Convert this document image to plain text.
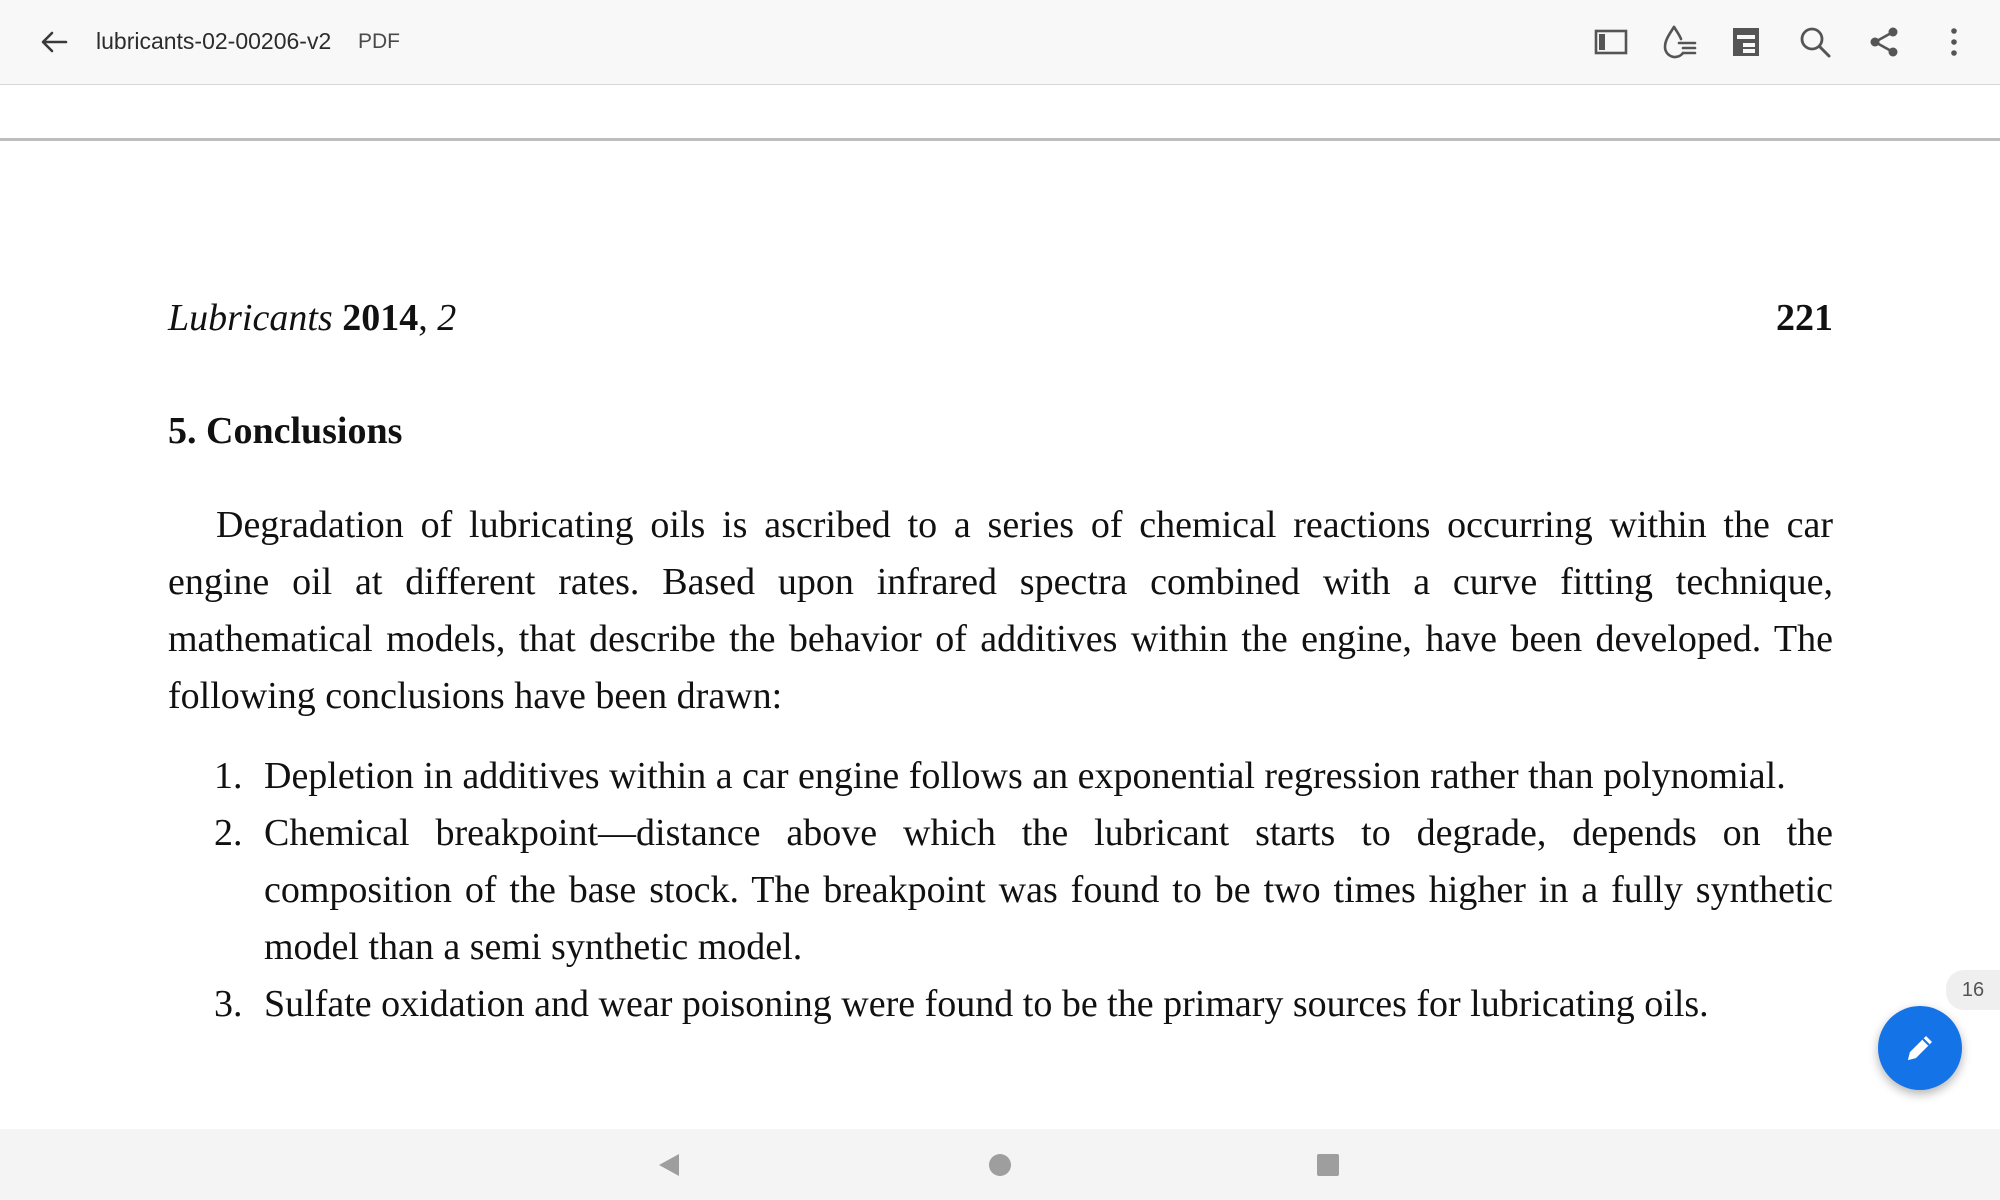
lubricants-02-00206-v2 PDF
Lubricants 2014, 2	221
5. Conclusions

Degradation of lubricating oils is ascribed to a series of chemical reactions occurring within the car engine oil at different rates. Based upon infrared spectra combined with a curve fitting technique, mathematical models, that describe the behavior of additives within the engine, have been developed. The following conclusions have been drawn:

1. Depletion in additives within a car engine follows an exponential regression rather than polynomial.
2. Chemical breakpoint—distance above which the lubricant starts to degrade, depends on the composition of the base stock. The breakpoint was found to be two times higher in a fully synthetic model than a semi synthetic model.
3. Sulfate oxidation and wear poisoning were found to be the primary sources for lubricating oils.	16
